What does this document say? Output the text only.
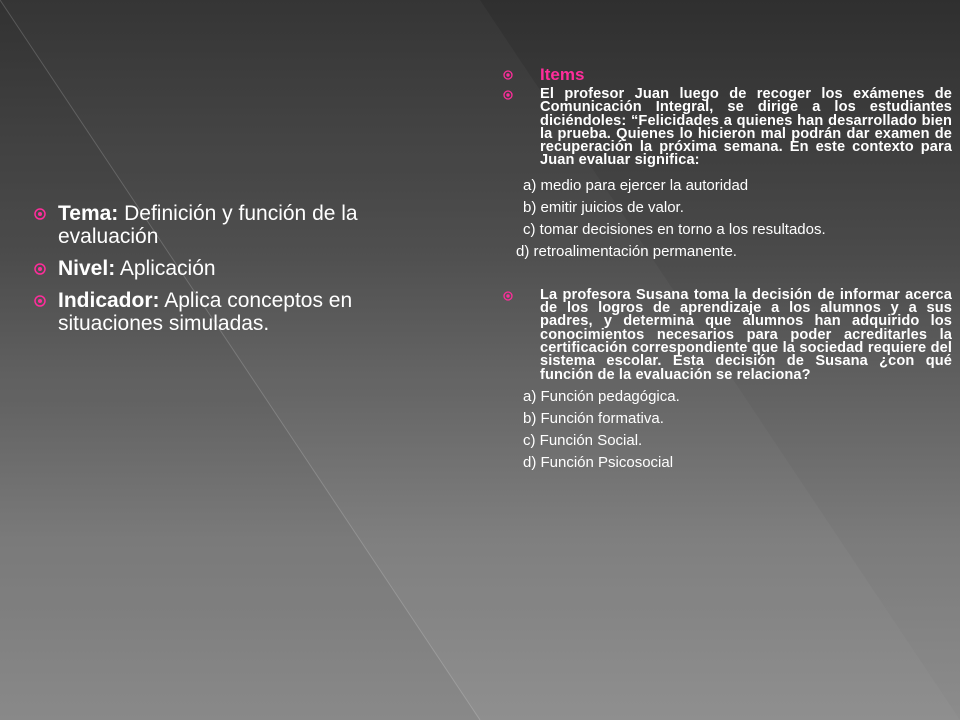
Tema: Definición y función de la evaluación
Nivel: Aplicación
Indicador: Aplica conceptos en situaciones simuladas.
Items
El profesor Juan luego de recoger los exámenes de Comunicación Integral, se dirige a los estudiantes diciéndoles: “Felicidades a quienes han desarrollado bien la prueba. Quienes lo hicieron mal podrán dar examen de recuperación la próxima semana. En este contexto para Juan evaluar significa:
a) medio para ejercer la autoridad
b) emitir juicios de valor.
c) tomar decisiones en torno a los resultados.
d) retroalimentación permanente.
La profesora Susana toma la decisión de informar acerca de los logros de aprendizaje a los alumnos y a sus padres, y determina que alumnos han adquirido los conocimientos necesarios para poder acreditarles la certificación correspondiente que la sociedad requiere del sistema escolar. Esta decisión de Susana ¿con qué función de la evaluación se relaciona?
a) Función pedagógica.
b) Función formativa.
c) Función Social.
d) Función Psicosocial
